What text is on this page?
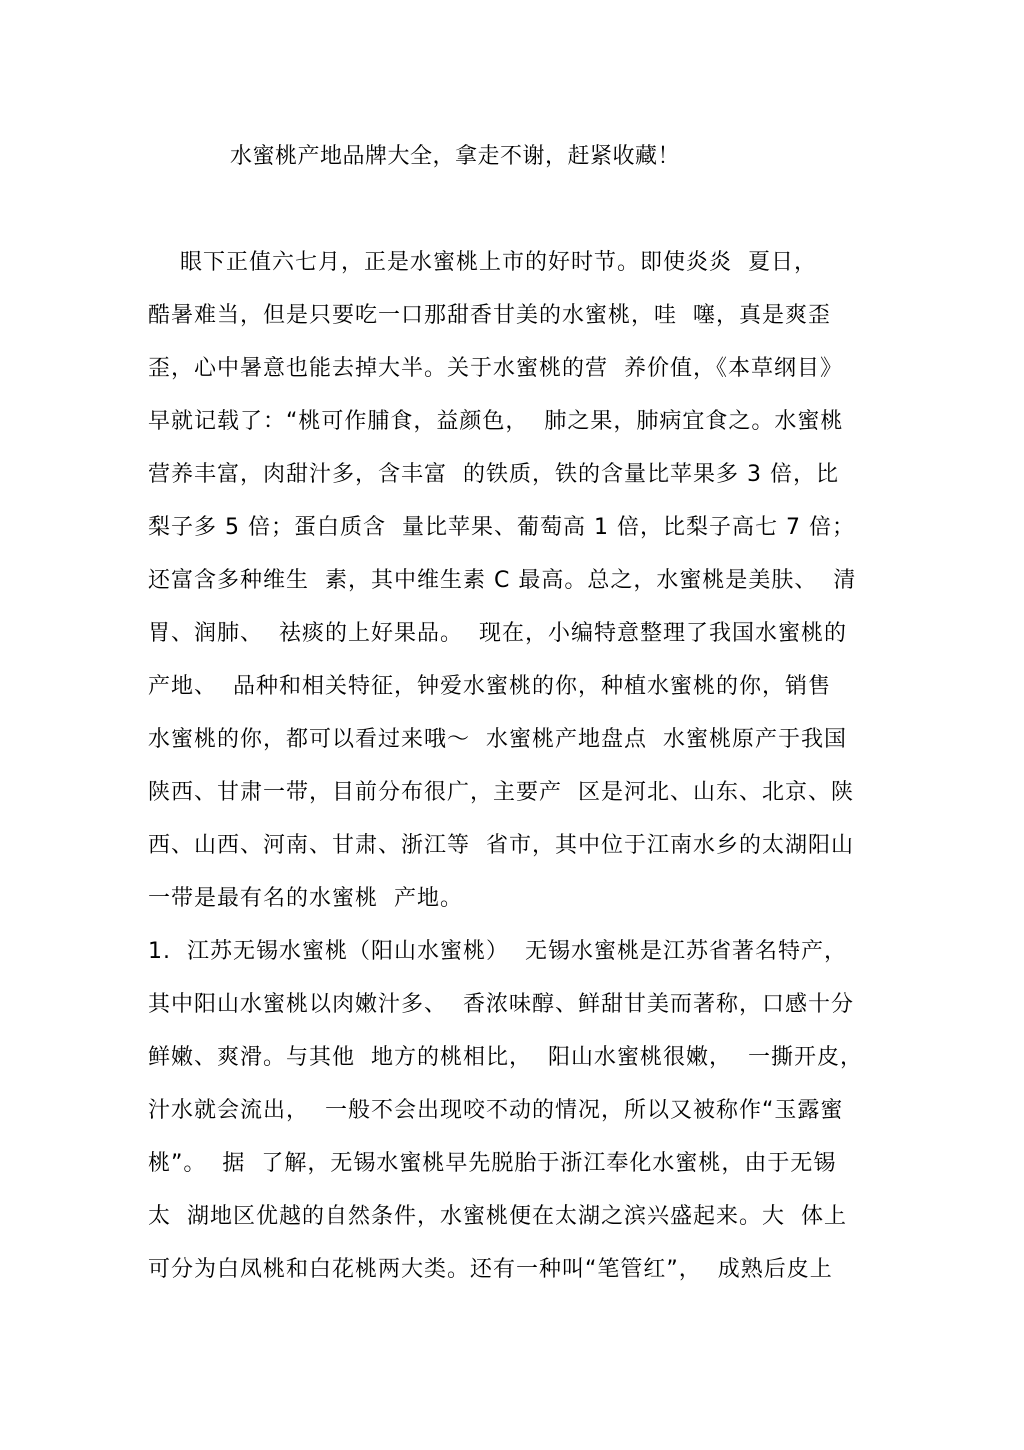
水蜜桃产地品牌大全，拿走不谢，赶紧收藏！
眼下正值六七月，正是水蜜桃上市的好时节。即使炎炎  夏日，
酷暑难当，但是只要吃一口那甜香甘美的水蜜桃，哇  噻，真是爽歪
歪，心中暑意也能去掉大半。关于水蜜桃的营  养价值，《本草纲目》
早就记载了：“桃可作脯食，益颜色，  肺之果，肺病宜食之。水蜜桃
营养丰富，肉甜汁多，含丰富  的铁质，铁的含量比苹果多 3 倍，比
梨子多 5 倍；蛋白质含  量比苹果、葡萄高 1 倍，比梨子高七 7 倍；
还富含多种维生  素，其中维生素 C 最高。总之，水蜜桃是美肤、  清
胃、润肺、  祛痰的上好果品。  现在，小编特意整理了我国水蜜桃的
产地、  品种和相关特征，钟爱水蜜桃的你，种植水蜜桃的你，销售
水蜜桃的你，都可以看过来哦～  水蜜桃产地盘点  水蜜桃原产于我国
陕西、甘肃一带，目前分布很广，主要产  区是河北、山东、北京、陕
西、山西、河南、甘肃、浙江等  省市，其中位于江南水乡的太湖阳山
一带是最有名的水蜜桃  产地。
1.  江苏无锡水蜜桃（阳山水蜜桃）  无锡水蜜桃是江苏省著名特产，
其中阳山水蜜桃以肉嫩汁多、  香浓味醇、鲜甜甘美而著称，口感十分
鲜嫩、爽滑。与其他  地方的桃相比，  阳山水蜜桃很嫩，  一撕开皮，
汁水就会流出，  一般不会出现咬不动的情况，所以又被称作“玉露蜜
桃”。  据  了解，无锡水蜜桃早先脱胎于浙江奉化水蜜桃，由于无锡
太  湖地区优越的自然条件，水蜜桃便在太湖之滨兴盛起来。大  体上
可分为白凤桃和白花桃两大类。还有一种叫“笔管红”，  成熟后皮上
